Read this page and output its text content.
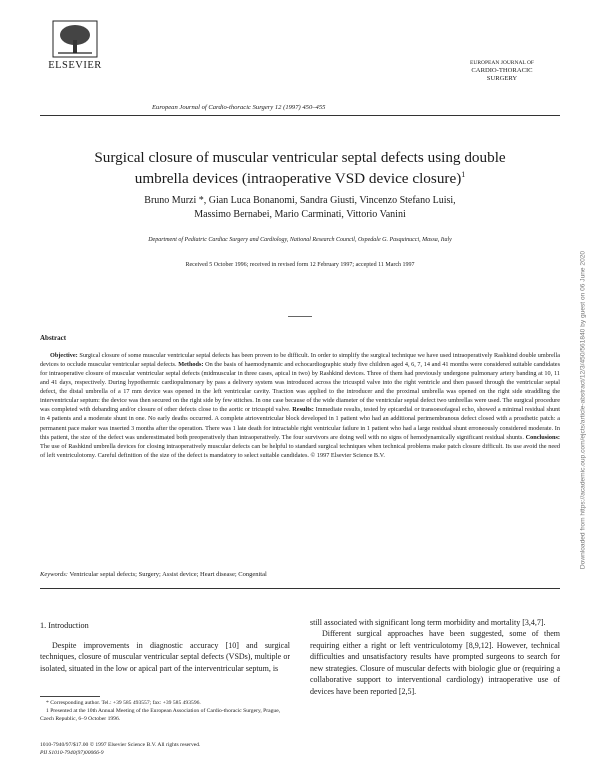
ELSEVIER
European Journal of Cardio-thoracic Surgery 12 (1997) 450–455
EUROPEAN JOURNAL OF
CARDIO-THORACIC
SURGERY
Surgical closure of muscular ventricular septal defects using double
umbrella devices (intraoperative VSD device closure)$^1$
Bruno Murzi *, Gian Luca Bonanomi, Sandra Giusti, Vincenzo Stefano Luisi,
Massimo Bernabei, Mario Carminati, Vittorio Vanini
Department of Pediatric Cardiac Surgery and Cardiology, National Research Council, Ospedale G. Pasquinucci, Massa, Italy
Received 5 October 1996; received in revised form 12 February 1997; accepted 11 March 1997
Abstract

Objective: Surgical closure of some muscular ventricular septal defects has been proven to be difficult. In order to simplify the surgical technique we have used intraoperatively Rashkind double umbrella devices to occlude muscular ventricular septal defects. Methods: On the basis of haemodynamic and echocardiographic study five children aged 4, 6, 7, 14 and 41 months were considered suitable candidates for intraoperative closure of muscular ventricular septal defects (midmuscular in three cases, apical in two) by Rashkind devices. Three of them had previously undergone pulmonary artery banding at 10, 11 and 41 days, respectively. During hypothermic cardiopulmonary by pass a delivery system was introduced across the tricuspid valve into the right ventricle and then passed through the ventricular septal defect, the distal umbrella of a 17 mm device was opened in the left ventricular cavity. Traction was applied to the introducer and the proximal umbrella was opened on the right side straddling the interventricular septum: the device was then secured on the right side by few stitches. In one case because of the wide diameter of the ventricular septal defect two umbrellas were used. The surgical procedure was completed with debanding and/or closure of other defects close to the aortic or tricuspid valve. Results: Immediate results, tested by epicardial or transoesofageal echo, showed a minimal residual shunt in 4 patients and a moderate shunt in one. No early deaths occurred. A complete atrioventricular block developed in 1 patient who had an additional perimembranous defect closed with a prosthetic patch: a permanent pace maker was inserted 3 months after the operation. There was 1 late death for intractable right ventricular failure in 1 patient who had a large residual shunt erroneously considered moderate. In this patient, the size of the defect was underestimated both preoperatively than intraoperatively. The four survivors are doing well with no signs of hemodynamically significant residual shunts. Conclusions: The use of Rashkind umbrella devices for closing intraoperatively muscular defects can be helpful to standard surgical techniques when technical problems make patch closure difficult. Its use avoid the need of left ventriculotomy. Careful definition of the size of the defect is mandatory to select suitable candidates. © 1997 Elsevier Science B.V.

Keywords: Ventricular septal defects; Surgery; Assist device; Heart disease; Congenital
1. Introduction

Despite improvements in diagnostic accuracy [10] and surgical techniques, closure of muscular ventricular septal defects (VSDs), multiple or isolated, situated in the low or apical part of the interventricular septum, is

still associated with significant long term morbidity and mortality [3,4,7].

Different surgical approaches have been suggested, some of them requiring either a right or left ventriculotomy [8,9,12]. However, technical difficulties and unsatisfactory results have prompted surgeons to search for new strategies. Closure of muscular defects with biologic glue or (requiring a collaborative support to interventional cardiology) intraoperative use of devices have been reported [2,5].

* Corresponding author. Tel.: +39 585 493557; fax: +39 585 493596.

1 Presented at the 10th Annual Meeting of the European Association of Cardio-thoracic Surgery, Prague, Czech Republic, 6–9 October 1996.

1010-7940/97/$17.00 © 1997 Elsevier Science B.V. All rights reserved.
PII S1010-7940(97)00066-9
Downloaded from https://academic.oup.com/ejcts/article-abstract/12/3/450/561840 by guest on 06 June 2020
